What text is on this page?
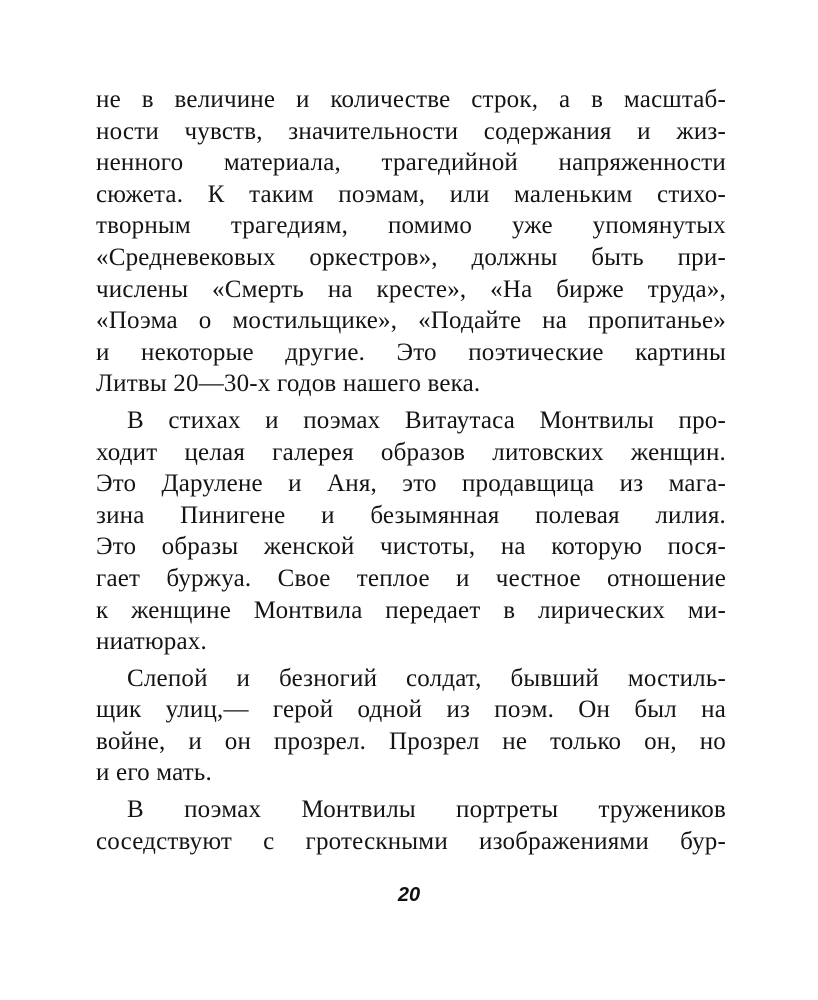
не в величине и количестве строк, а в масштаб-
ности чувств, значительности содержания и жиз-
ненного материала, трагедийной напряженности
сюжета. К таким поэмам, или маленьким стихо-
творным трагедиям, помимо уже упомянутых
«Средневековых оркестров», должны быть при-
числены «Смерть на кресте», «На бирже труда»,
«Поэма о мостильщике», «Подайте на пропитанье»
и некоторые другие. Это поэтические картины
Литвы 20—30-х годов нашего века.
В стихах и поэмах Витаутаса Монтвилы про-
ходит целая галерея образов литовских женщин.
Это Дарулене и Аня, это продавщица из мага-
зина Пинигене и безымянная полевая лилия.
Это образы женской чистоты, на которую пося-
гает буржуа. Свое теплое и честное отношение
к женщине Монтвила передает в лирических ми-
ниатюрах.
Слепой и безногий солдат, бывший мостиль-
щик улиц,— герой одной из поэм. Он был на
войне, и он прозрел. Прозрел не только он, но
и его мать.
В поэмах Монтвилы портреты тружеников
соседствуют с гротескными изображениями бур-
20
